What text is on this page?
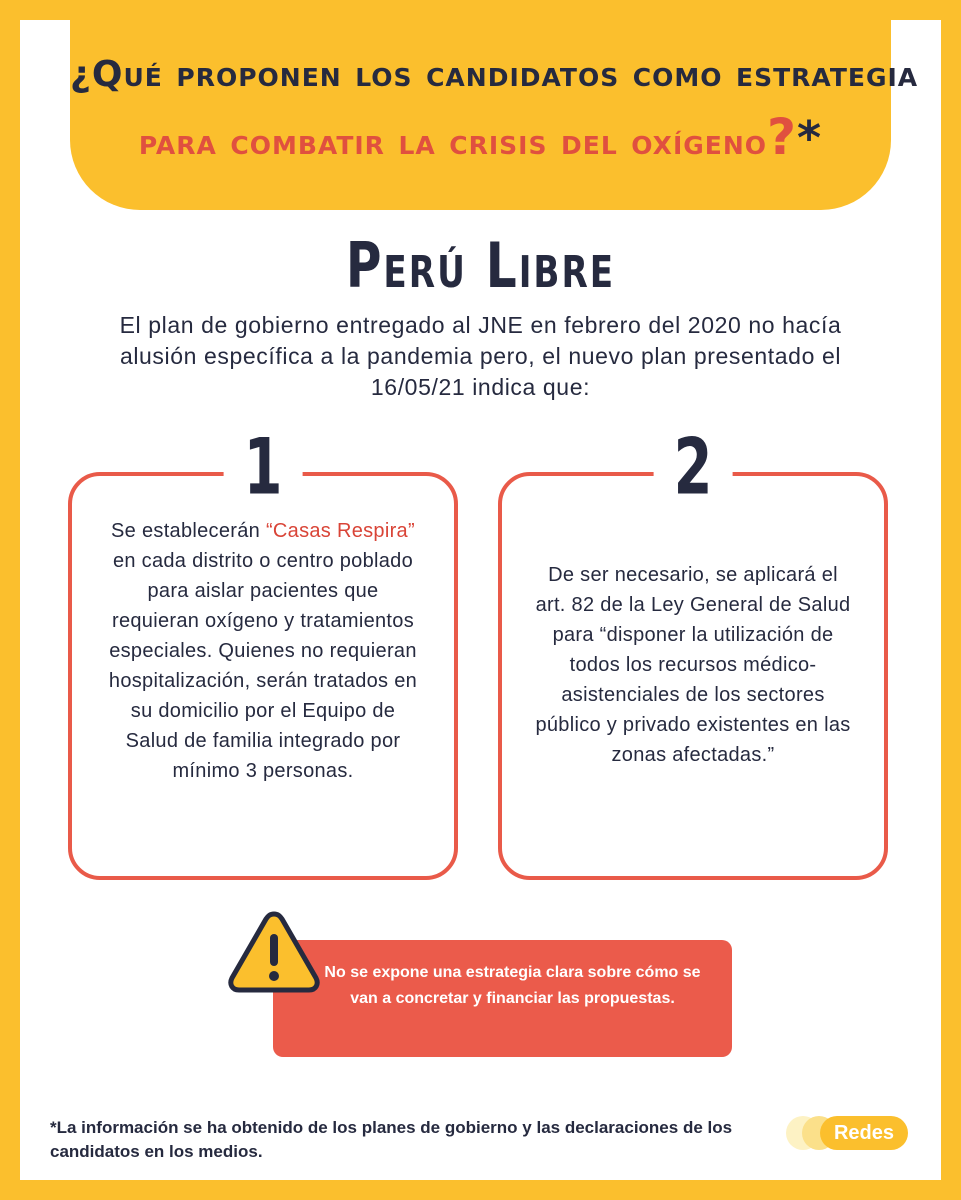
¿Qué proponen los candidatos como estrategia
para combatir la crisis del oxígeno?*
Perú Libre
El plan de gobierno entregado al JNE en febrero del 2020 no hacía alusión específica a la pandemia pero, el nuevo plan presentado el 16/05/21 indica que:
1
Se establecerán “Casas Respira” en cada distrito o centro poblado para aislar pacientes que requieran oxígeno y tratamientos especiales. Quienes no requieran hospitalización, serán tratados en su domicilio por el Equipo de Salud de familia integrado por mínimo 3 personas.
2
De ser necesario, se aplicará el art. 82 de la Ley General de Salud para “disponer la utilización de todos los recursos médico-asistenciales de los sectores público y privado existentes en las zonas afectadas.”
No se expone una estrategia clara sobre cómo se van a concretar y financiar las propuestas.
*La información se ha obtenido de los planes de gobierno y las declaraciones de los candidatos en los medios.
Redes
